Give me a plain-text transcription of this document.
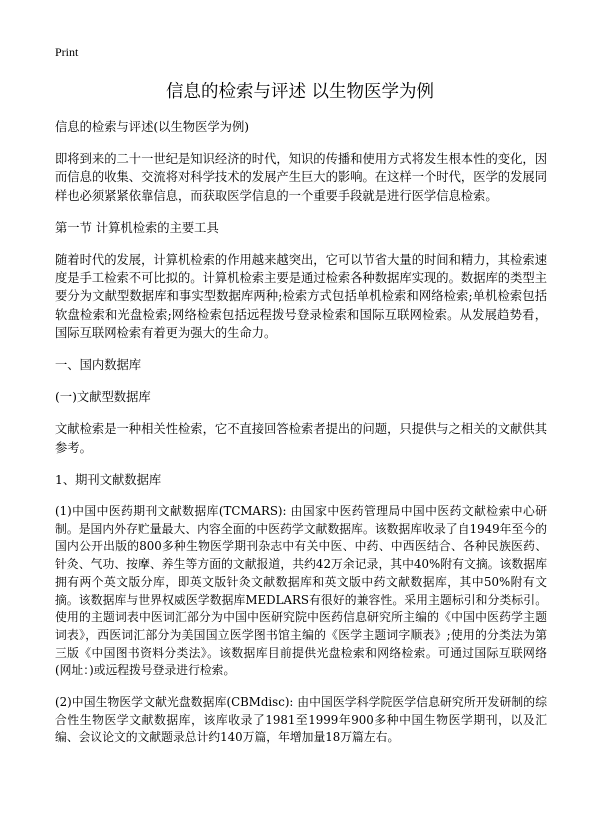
Print
信息的检索与评述 以生物医学为例
信息的检索与评述(以生物医学为例)
即将到来的二十一世纪是知识经济的时代，知识的传播和使用方式将发生根本性的变化，因而信息的收集、交流将对科学技术的发展产生巨大的影响。在这样一个时代，医学的发展同样也必须紧紧依靠信息，而获取医学信息的一个重要手段就是进行医学信息检索。
第一节 计算机检索的主要工具
随着时代的发展，计算机检索的作用越来越突出，它可以节省大量的时间和精力，其检索速度是手工检索不可比拟的。计算机检索主要是通过检索各种数据库实现的。数据库的类型主要分为文献型数据库和事实型数据库两种;检索方式包括单机检索和网络检索;单机检索包括软盘检索和光盘检索;网络检索包括远程拨号登录检索和国际互联网检索。从发展趋势看，国际互联网检索有着更为强大的生命力。
一、国内数据库
(一)文献型数据库
文献检索是一种相关性检索，它不直接回答检索者提出的问题，只提供与之相关的文献供其参考。
1、期刊文献数据库
(1)中国中医药期刊文献数据库(TCMARS): 由国家中医药管理局中国中医药文献检索中心研制。是国内外存贮量最大、内容全面的中医药学文献数据库。该数据库收录了自1949年至今的国内公开出版的800多种生物医学期刊杂志中有关中医、中药、中西医结合、各种民族医药、针灸、气功、按摩、养生等方面的文献报道，共约42万余记录，其中40%附有文摘。该数据库拥有两个英文版分库，即英文版针灸文献数据库和英文版中药文献数据库，其中50%附有文摘。该数据库与世界权威医学数据库MEDLARS有很好的兼容性。采用主题标引和分类标引。使用的主题词表中医词汇部分为中国中医研究院中医药信息研究所主编的《中国中医药学主题词表》，西医词汇部分为美国国立医学图书馆主编的《医学主题词字顺表》;使用的分类法为第三版《中国图书资料分类法》。该数据库目前提供光盘检索和网络检索。可通过国际互联网络(网址：)或远程拨号登录进行检索。
(2)中国生物医学文献光盘数据库(CBMdisc): 由中国医学科学院医学信息研究所开发研制的综合性生物医学文献数据库，该库收录了1981至1999年900多种中国生物医学期刊，以及汇编、会议论文的文献题录总计约140万篇，年增加量18万篇左右。
